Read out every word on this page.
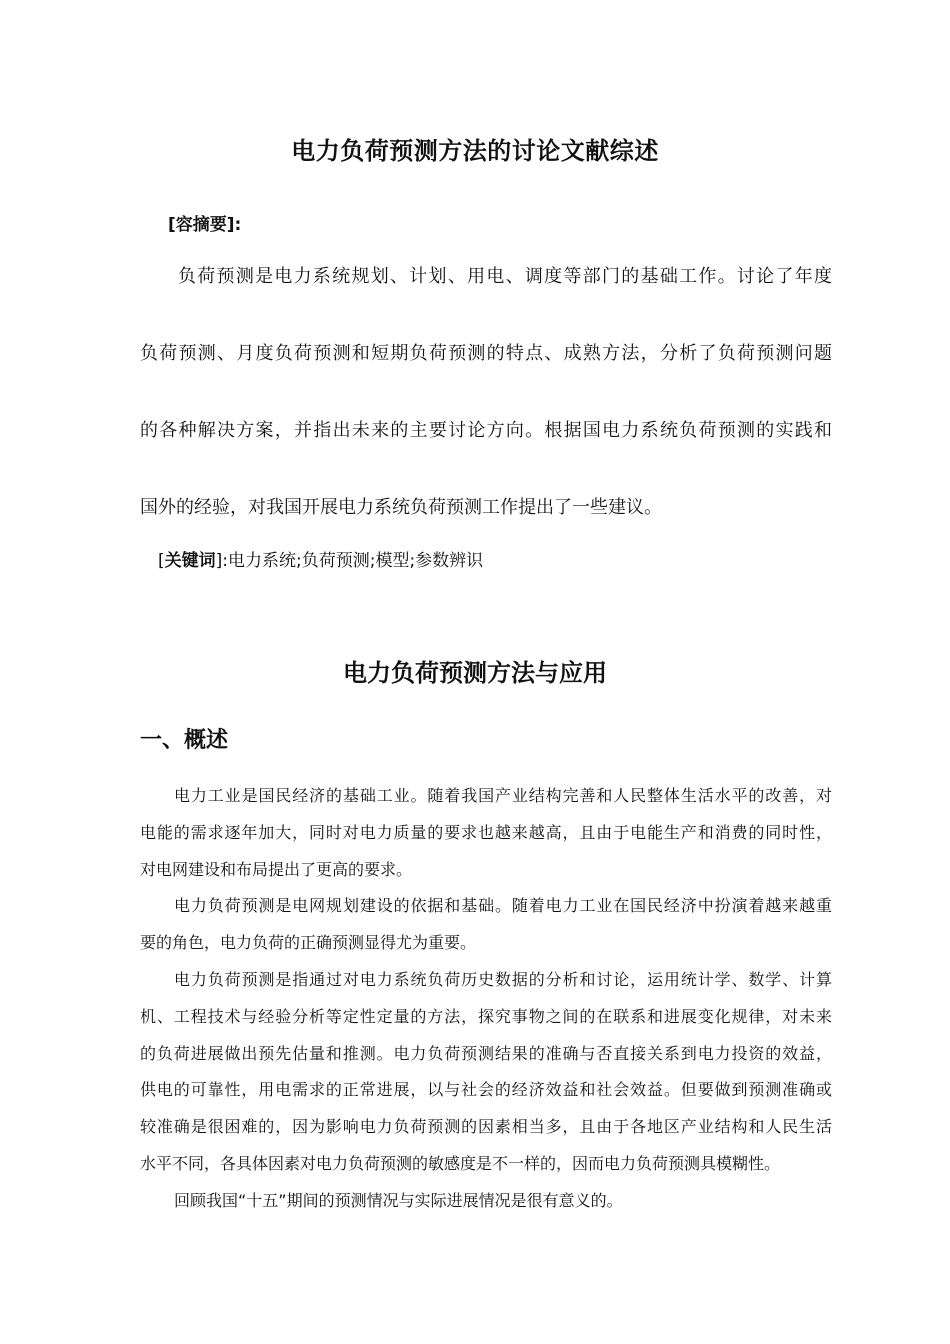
电力负荷预测方法的讨论文献综述
[容摘要]:
负荷预测是电力系统规划、计划、用电、调度等部门的基础工作。讨论了年度
负荷预测、月度负荷预测和短期负荷预测的特点、成熟方法，分析了负荷预测问题
的各种解决方案，并指出未来的主要讨论方向。根据国电力系统负荷预测的实践和
国外的经验，对我国开展电力系统负荷预测工作提出了一些建议。
[关键词]:电力系统;负荷预测;模型;参数辨识
电力负荷预测方法与应用
一、概述
电力工业是国民经济的基础工业。随着我国产业结构完善和人民整体生活水平的改善，对
电能的需求逐年加大，同时对电力质量的要求也越来越高，且由于电能生产和消费的同时性，
对电网建设和布局提出了更高的要求。
电力负荷预测是电网规划建设的依据和基础。随着电力工业在国民经济中扮演着越来越重
要的角色，电力负荷的正确预测显得尤为重要。
电力负荷预测是指通过对电力系统负荷历史数据的分析和讨论，运用统计学、数学、计算
机、工程技术与经验分析等定性定量的方法，探究事物之间的在联系和进展变化规律，对未来
的负荷进展做出预先估量和推测。电力负荷预测结果的准确与否直接关系到电力投资的效益，
供电的可靠性，用电需求的正常进展，以与社会的经济效益和社会效益。但要做到预测准确或
较准确是很困难的，因为影响电力负荷预测的因素相当多，且由于各地区产业结构和人民生活
水平不同，各具体因素对电力负荷预测的敏感度是不一样的，因而电力负荷预测具模糊性。
回顾我国“十五”期间的预测情况与实际进展情况是很有意义的。
